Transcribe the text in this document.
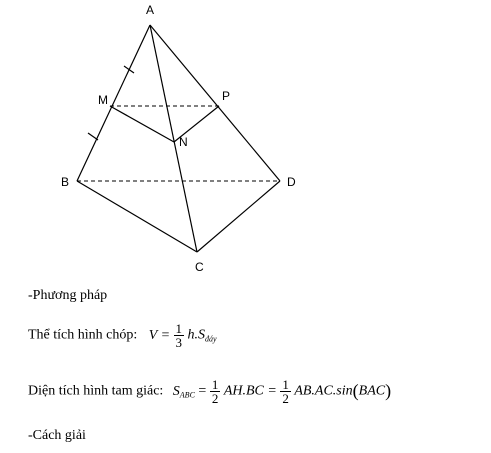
A
M	P
N
B	D
C
-Phương pháp
Thể tích hình chóp: $V = \frac{1}{3} h.S_{đáy}$
Diện tích hình tam giác: $S_{ABC} = \frac{1}{2} AH.BC = \frac{1}{2} AB.AC.\sin(BAC)$
-Cách giải
